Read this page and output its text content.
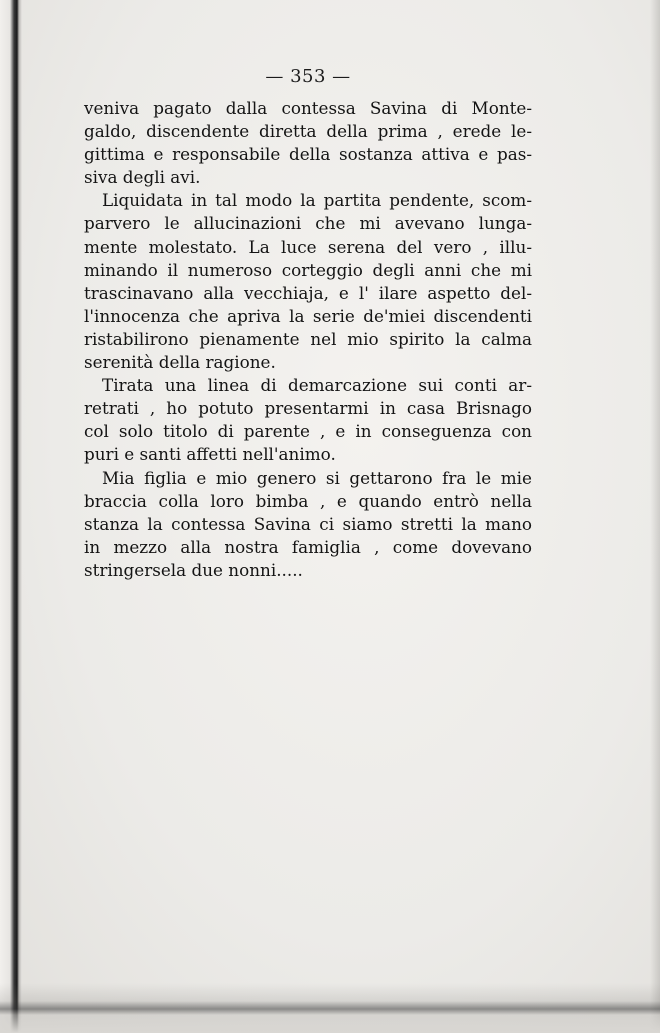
— 353 —
veniva pagato dalla contessa Savina di Monte-
galdo, discendente diretta della prima , erede le-
gittima e responsabile della sostanza attiva e pas-
siva degli avi.
Liquidata in tal modo la partita pendente, scom-
parvero le allucinazioni che mi avevano lunga-
mente molestato. La luce serena del vero , illu-
minando il numeroso corteggio degli anni che mi
trascinavano alla vecchiaja, e l' ilare aspetto del-
l'innocenza che apriva la serie de'miei discendenti
ristabilirono pienamente nel mio spirito la calma
serenità della ragione.
Tirata una linea di demarcazione sui conti ar-
retrati , ho potuto presentarmi in casa Brisnago
col solo titolo di parente , e in conseguenza con
puri e santi affetti nell'animo.
Mia figlia e mio genero si gettarono fra le mie
braccia colla loro bimba , e quando entrò nella
stanza la contessa Savina ci siamo stretti la mano
in mezzo alla nostra famiglia , come dovevano
stringersela due nonni.....
